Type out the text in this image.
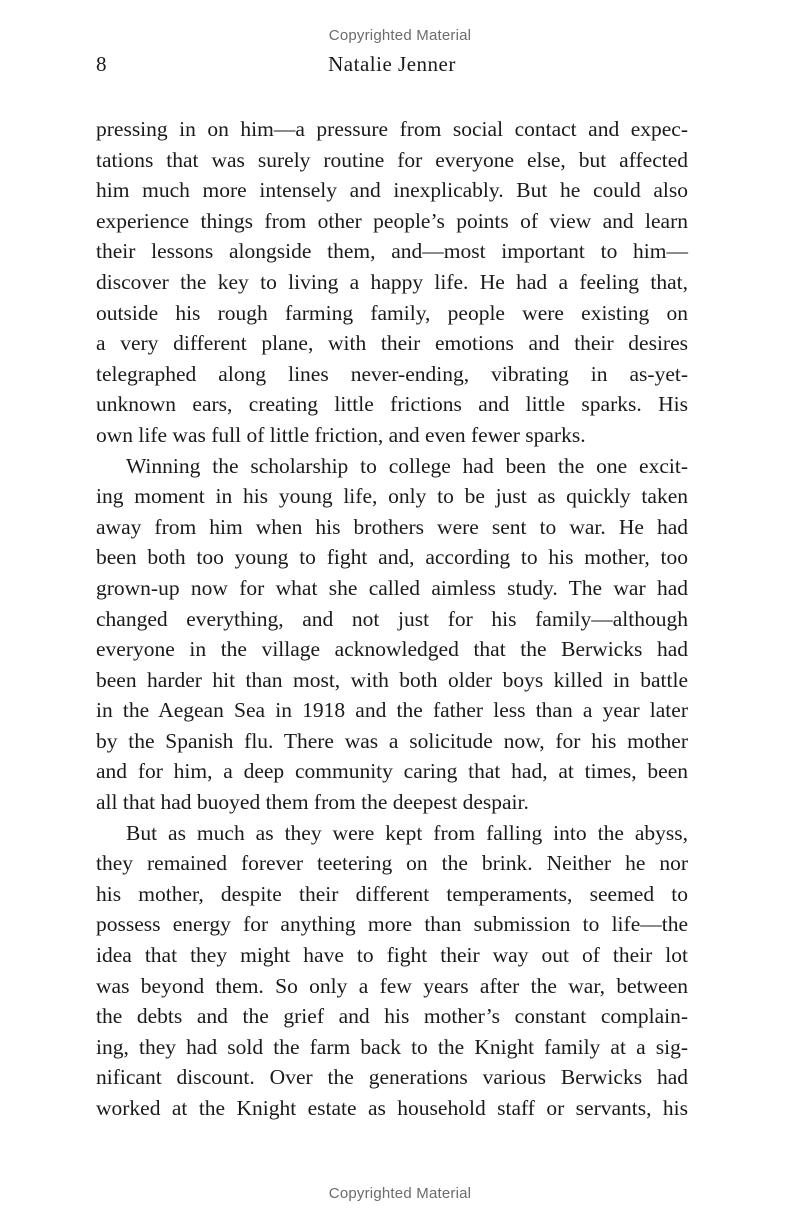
Copyrighted Material
8	Natalie Jenner
pressing in on him—a pressure from social contact and expec-
tations that was surely routine for everyone else, but affected
him much more intensely and inexplicably. But he could also
experience things from other people’s points of view and learn
their lessons alongside them, and—most important to him—
discover the key to living a happy life. He had a feeling that,
outside his rough farming family, people were existing on
a very different plane, with their emotions and their desires
telegraphed along lines never-ending, vibrating in as-yet-
unknown ears, creating little frictions and little sparks. His
own life was full of little friction, and even fewer sparks.
Winning the scholarship to college had been the one excit-
ing moment in his young life, only to be just as quickly taken
away from him when his brothers were sent to war. He had
been both too young to fight and, according to his mother, too
grown-up now for what she called aimless study. The war had
changed everything, and not just for his family—although
everyone in the village acknowledged that the Berwicks had
been harder hit than most, with both older boys killed in battle
in the Aegean Sea in 1918 and the father less than a year later
by the Spanish flu. There was a solicitude now, for his mother
and for him, a deep community caring that had, at times, been
all that had buoyed them from the deepest despair.
But as much as they were kept from falling into the abyss,
they remained forever teetering on the brink. Neither he nor
his mother, despite their different temperaments, seemed to
possess energy for anything more than submission to life—the
idea that they might have to fight their way out of their lot
was beyond them. So only a few years after the war, between
the debts and the grief and his mother’s constant complain-
ing, they had sold the farm back to the Knight family at a sig-
nificant discount. Over the generations various Berwicks had
worked at the Knight estate as household staff or servants, his
Copyrighted Material
